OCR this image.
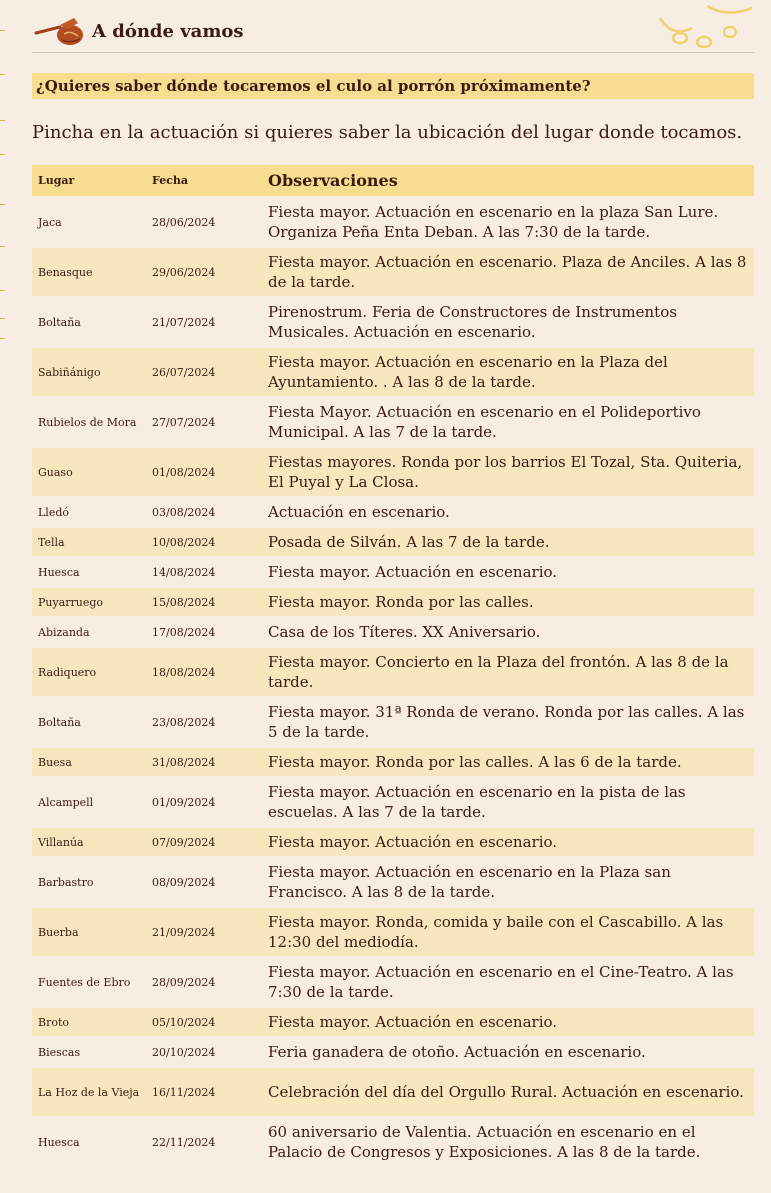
A dónde vamos
¿Quieres saber dónde tocaremos el culo al porrón próximamente?
Pincha en la actuación si quieres saber la ubicación del lugar donde tocamos.
Lugar	Fecha	Observaciones
Jaca	28/06/2024	Fiesta mayor. Actuación en escenario en la plaza San Lure. Organiza Peña Enta Deban. A las 7:30 de la tarde.
Benasque	29/06/2024	Fiesta mayor. Actuación en escenario. Plaza de Anciles. A las 8 de la tarde.
Boltaña	21/07/2024	Pirenostrum. Feria de Constructores de Instrumentos Musicales. Actuación en escenario.
Sabiñánigo	26/07/2024	Fiesta mayor. Actuación en escenario en la Plaza del Ayuntamiento. . A las 8 de la tarde.
Rubielos de Mora	27/07/2024	Fiesta Mayor. Actuación en escenario en el Polideportivo Municipal. A las 7 de la tarde.
Guaso	01/08/2024	Fiestas mayores. Ronda por los barrios El Tozal, Sta. Quiteria, El Puyal y La Closa.
Lledó	03/08/2024	Actuación en escenario.
Tella	10/08/2024	Posada de Silván. A las 7 de la tarde.
Huesca	14/08/2024	Fiesta mayor. Actuación en escenario.
Puyarruego	15/08/2024	Fiesta mayor. Ronda por las calles.
Abizanda	17/08/2024	Casa de los Títeres. XX Aniversario.
Radiquero	18/08/2024	Fiesta mayor. Concierto en la Plaza del frontón. A las 8 de la tarde.
Boltaña	23/08/2024	Fiesta mayor. 31ª Ronda de verano. Ronda por las calles. A las 5 de la tarde.
Buesa	31/08/2024	Fiesta mayor. Ronda por las calles. A las 6 de la tarde.
Alcampell	01/09/2024	Fiesta mayor. Actuación en escenario en la pista de las escuelas. A las 7 de la tarde.
Villanúa	07/09/2024	Fiesta mayor. Actuación en escenario.
Barbastro	08/09/2024	Fiesta mayor. Actuación en escenario en la Plaza san Francisco. A las 8 de la tarde.
Buerba	21/09/2024	Fiesta mayor. Ronda, comida y baile con el Cascabillo. A las 12:30 del mediodía.
Fuentes de Ebro	28/09/2024	Fiesta mayor. Actuación en escenario en el Cine-Teatro. A las 7:30 de la tarde.
Broto	05/10/2024	Fiesta mayor. Actuación en escenario.
Biescas	20/10/2024	Feria ganadera de otoño. Actuación en escenario.
La Hoz de la Vieja	16/11/2024	Celebración del día del Orgullo Rural. Actuación en escenario.
Huesca	22/11/2024	60 aniversario de Valentia. Actuación en escenario en el Palacio de Congresos y Exposiciones. A las 8 de la tarde.
